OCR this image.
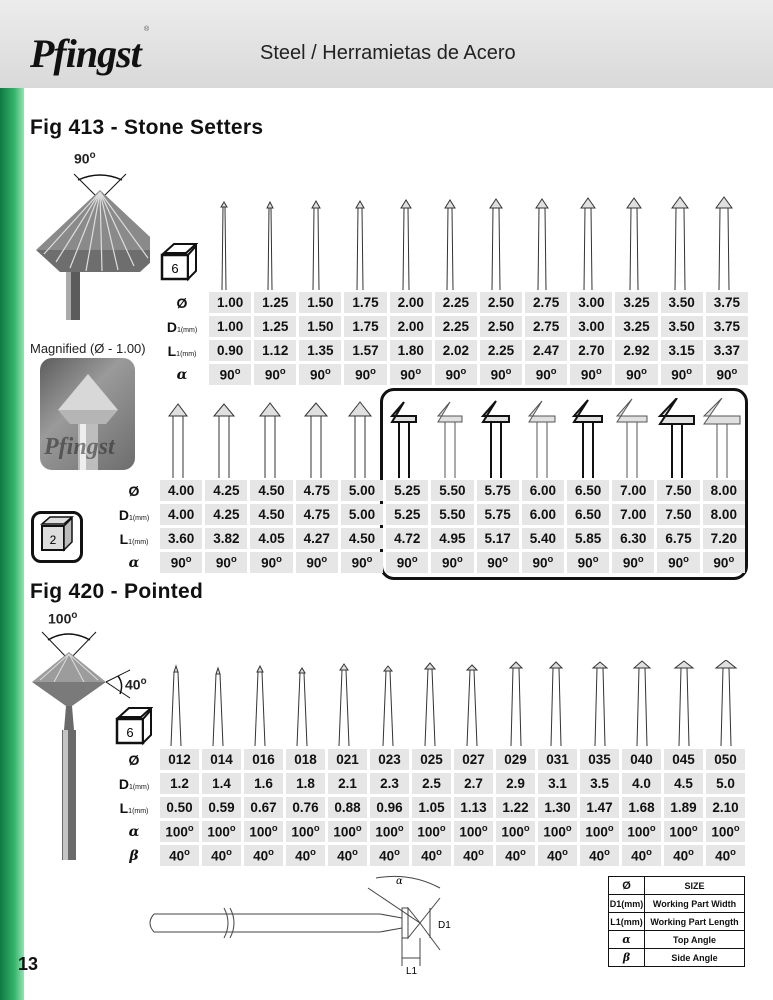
Pfingst
®
Steel / Herramietas de Acero
Fig 413 - Stone Setters
90$^o$
Magnified (Ø - 1.00)
Pfingst
6
2
Ø	1.00	1.25	1.50	1.75	2.00	2.25	2.50	2.75	3.00	3.25	3.50	3.75
D1(mm)	1.00	1.25	1.50	1.75	2.00	2.25	2.50	2.75	3.00	3.25	3.50	3.75
L1(mm)	0.90	1.12	1.35	1.57	1.80	2.02	2.25	2.47	2.70	2.92	3.15	3.37
α	90$^o$	90$^o$	90$^o$	90$^o$	90$^o$	90$^o$	90$^o$	90$^o$	90$^o$	90$^o$	90$^o$	90$^o$
Ø	4.00	4.25	4.50	4.75	5.00	5.25	5.50	5.75	6.00	6.50	7.00	7.50	8.00
D1(mm)	4.00	4.25	4.50	4.75	5.00	5.25	5.50	5.75	6.00	6.50	7.00	7.50	8.00
L1(mm)	3.60	3.82	4.05	4.27	4.50	4.72	4.95	5.17	5.40	5.85	6.30	6.75	7.20
α	90$^o$	90$^o$	90$^o$	90$^o$	90$^o$	90$^o$	90$^o$	90$^o$	90$^o$	90$^o$	90$^o$	90$^o$	90$^o$
Fig 420 - Pointed
100$^o$
40$^o$
6
Ø	012	014	016	018	021	023	025	027	029	031	035	040	045	050
D1(mm)	1.2	1.4	1.6	1.8	2.1	2.3	2.5	2.7	2.9	3.1	3.5	4.0	4.5	5.0
L1(mm)	0.50	0.59	0.67	0.76	0.88	0.96	1.05	1.13	1.22	1.30	1.47	1.68	1.89	2.10
α	100$^o$	100$^o$	100$^o$	100$^o$	100$^o$	100$^o$	100$^o$	100$^o$	100$^o$	100$^o$	100$^o$	100$^o$	100$^o$	100$^o$
β	40$^o$	40$^o$	40$^o$	40$^o$	40$^o$	40$^o$	40$^o$	40$^o$	40$^o$	40$^o$	40$^o$	40$^o$	40$^o$	40$^o$
α
D1
L1
Ø	SIZE
D1(mm)	Working Part Width
L1(mm)	Working Part Length
α	Top Angle
β	Side Angle
13
